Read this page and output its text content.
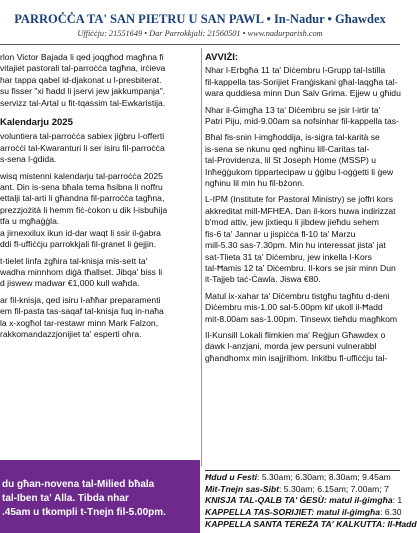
PARROĊĊA TA' SAN PIETRU U SAN PAWL • In-Nadur • Għawdex
Uffiċċju: 21551649 • Dar Parrokkjali: 21560501 • www.nadurparish.com

rlon Victor Bajada li qed joqgħod magħna fi
vitajiet pastorali tal-parroċċa tagħna, irċieva
har tappa qabel id-djakonat u l-presbiterat.
su fisser "xi ħadd li jservi jew jakkumpanja".
servizz tal-Artal u fit-tqassim tal-Ewkaristija.

Kalendarju 2025

voluntiera tal-parroċċa sabiex jiġbru l-offerti
arroċċi tal-Kwaranturi li ser isiru fil-parroċċa
s-sena l-ġdida.

wisq mistenni kalendarju tal-parroċċa 2025
ant. Din is-sena bħala tema ħsibna li noffru
ettalji tal-arti li għandna fil-parroċċa tagħna,
prezzjożità li hemm fiċ-ċokon u dik l-isbuħija
tfa u mgħaġġla.
a jirnexxilux ikun id-dar waqt li ssir il-ġabra
ddi fl-uffiċċju parrokkjali fil-granet li ġejjin.

t-tielet linfa żgħira tal-knisja mis-sett ta'
wadha minnhom diġà tħallset. Jibqa' biss li
d jiswew madwar €1,000 kull waħda.

ar fil-knisja, qed isiru l-aħħar preparamenti
em fil-pasta tas-saqaf tal-knisja fuq in-naħa
la x-xogħol tar-restawr minn Mark Falzon,
rakkomandazzjonijiet ta' esperti oħra.

AVVIŻI:

Nhar l-Erbgħa 11 ta' Diċembru l-Grupp tal-Istilla
fil-kappella tas-Sorijiet Franġiskani għal-laqgħa tal-
wara quddiesa minn Dun Salv Grima. Ejjew u għidu

Nhar il-Ġimgħa 13 ta' Diċembru se jsir l-irtir ta'
Patri Piju, mid-9.00am sa nofsinhar fil-kappella tas-

Bħal fis-snin l-imgħoddija, is-siġra tal-karità se
is-sena se nkunu qed ngħinu lill-Caritas tal-
tal-Providenza, lil St Joseph Home (MSSP) u
Inħeġġukom tippartecipaw u ġġibu l-oġġetti li ġew
ngħinu lil min hu fil-bżonn.

L-IPM (Institute for Pastoral Ministry) se joffri kors
akkreditat mill-MFHEA. Dan il-kors huwa indirizzat
b'mod attiv, jew jixtiequ li jibdew jieħdu sehem
fis-6 ta' Jannar u jispiċċa fl-10 ta' Marzu
mill-5.30 sas-7.30pm. Min hu interessat jista' jat
sat-Tlieta 31 ta' Diċembru, jew inkella l-Kors
tal-Ħamis 12 ta' Diċembru. Il-kors se jsir minn Dun
it-Tajjeb taċ-Ċawla. Jiswa €80.

Matul ix-xahar ta' Diċembru tistgħu tagħtu d-deni
Diċembru mis-1.00 sal-5.00pm kif ukoll il-Ħadd
mit-8.00am sas-1.00pm. Tinsewx tieħdu magħkom

Il-Kunsill Lokali flimkien ma' Reġjun Għawdex o
dawk l-anzjani, morda jew persuni vulnerabbl
għandhomx min isajjrilhom. Inkitbu fl-uffiċċju tal-

du għan-novena tal-Milied bħala
tal-Iben ta' Alla. Tibda nhar
.45am u tkompli t-Tnejn fil-5.00pm.
Ħdud u Festi: 5.30am; 6.30am; 8.30am; 9.45am
Mit-Tnejn sas-Sibt: 5.30am; 6.15am; 7.00am; 7
KNISJA TAL-QALB TA' ĠESÙ: matul il-ġimgħa: 1
KAPPELLA TAS-SORIJIET: matul il-ġimgħa: 6.30
KAPPELLA SANTA TEREŻA TA' KALKUTTA: Il-Ħadd
